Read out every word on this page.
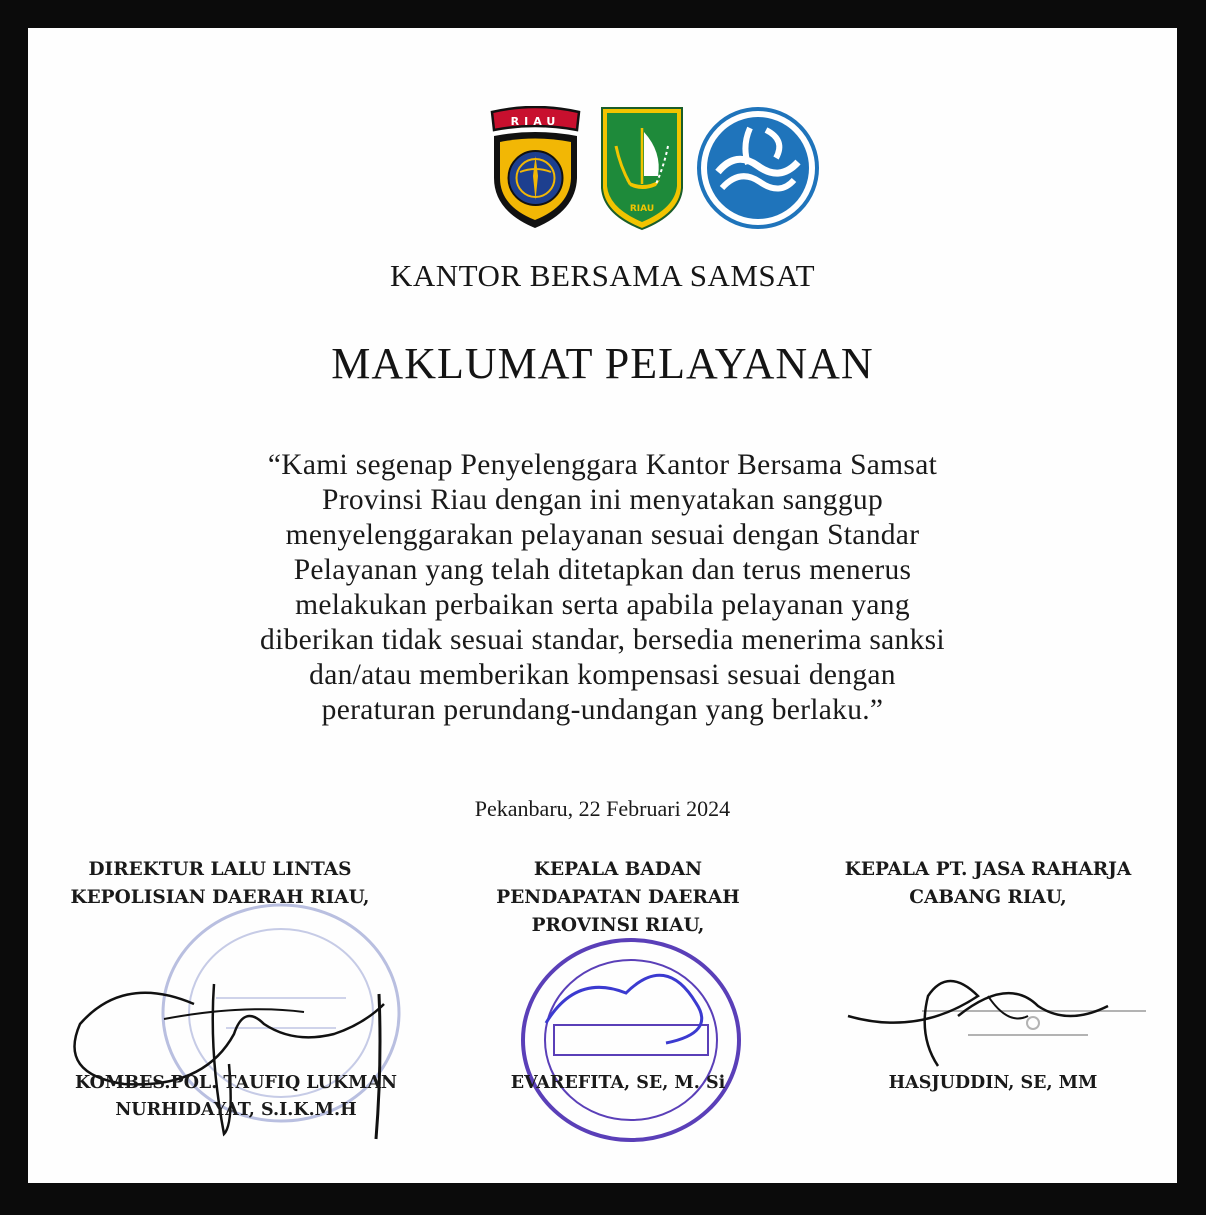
RIAU
RIAU
KANTOR BERSAMA SAMSAT
MAKLUMAT PELAYANAN
“Kami segenap Penyelenggara Kantor Bersama Samsat
Provinsi Riau dengan ini menyatakan sanggup
menyelenggarakan pelayanan sesuai dengan Standar
Pelayanan yang telah ditetapkan dan terus menerus
melakukan perbaikan serta apabila pelayanan yang
diberikan tidak sesuai standar, bersedia menerima sanksi
dan/atau memberikan kompensasi sesuai dengan
peraturan perundang-undangan yang berlaku.”
Pekanbaru, 22 Februari 2024
DIREKTUR LALU LINTAS
KEPOLISIAN DAERAH RIAU,
KOMBES.POL. TAUFIQ LUKMAN
NURHIDAYAT, S.I.K.M.H
KEPALA BADAN
PENDAPATAN DAERAH
PROVINSI RIAU,
EVAREFITA, SE, M. Si
KEPALA PT. JASA RAHARJA
CABANG RIAU,
HASJUDDIN, SE, MM
